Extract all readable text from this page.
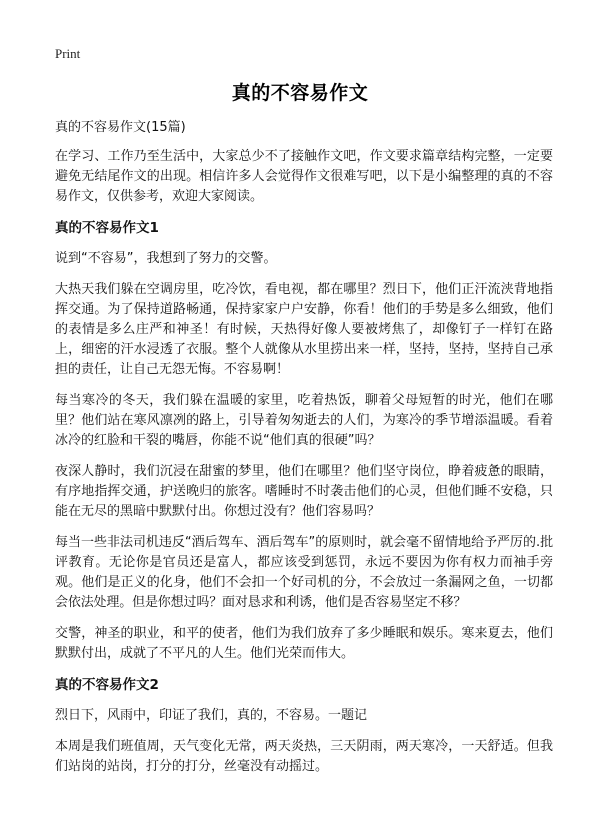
Print
真的不容易作文
真的不容易作文(15篇)

在学习、工作乃至生活中，大家总少不了接触作文吧，作文要求篇章结构完整，一定要避免无结尾作文的出现。相信许多人会觉得作文很难写吧，以下是小编整理的真的不容易作文，仅供参考，欢迎大家阅读。

真的不容易作文1

说到“不容易”，我想到了努力的交警。

大热天我们躲在空调房里，吃冷饮，看电视，都在哪里？烈日下，他们正汗流浃背地指挥交通。为了保持道路畅通，保持家家户户安静，你看！他们的手势是多么细致，他们的表情是多么庄严和神圣！有时候，天热得好像人要被烤焦了，却像钉子一样钉在路上，细密的汗水浸透了衣服。整个人就像从水里捞出来一样，坚持，坚持，坚持自己承担的责任，让自己无怨无悔。不容易啊！

每当寒冷的冬天，我们躲在温暖的家里，吃着热饭，聊着父母短暂的时光，他们在哪里？他们站在寒风凛冽的路上，引导着匆匆逝去的人们，为寒冷的季节增添温暖。看着冰冷的红脸和干裂的嘴唇，你能不说“他们真的很硬”吗？

夜深人静时，我们沉浸在甜蜜的梦里，他们在哪里？他们坚守岗位，睁着疲惫的眼睛，有序地指挥交通，护送晚归的旅客。嗜睡时不时袭击他们的心灵，但他们睡不安稳，只能在无尽的黑暗中默默付出。你想过没有？他们容易吗？

每当一些非法司机违反“酒后驾车、酒后驾车”的原则时，就会毫不留情地给予严厉的.批评教育。无论你是官员还是富人，都应该受到惩罚，永远不要因为你有权力而袖手旁观。他们是正义的化身，他们不会扣一个好司机的分，不会放过一条漏网之鱼，一切都会依法处理。但是你想过吗？面对恳求和利诱，他们是否容易坚定不移？

交警，神圣的职业，和平的使者，他们为我们放弃了多少睡眠和娱乐。寒来夏去，他们默默付出，成就了不平凡的人生。他们光荣而伟大。

真的不容易作文2

烈日下，风雨中，印证了我们，真的，不容易。一题记

本周是我们班值周，天气变化无常，两天炎热，三天阴雨，两天寒冷，一天舒适。但我们站岗的站岗，打分的打分，丝毫没有动摇过。
